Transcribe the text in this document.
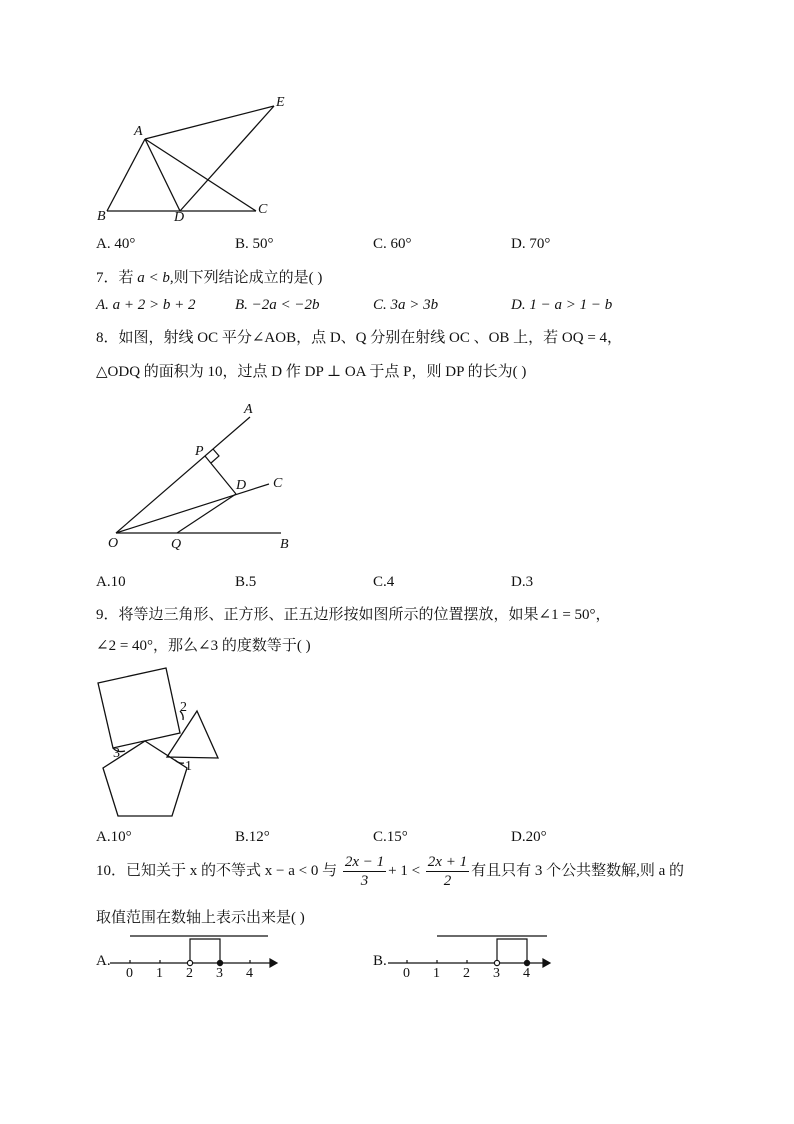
A
E
B	D
C
A. 40°	B. 50°	C. 60°	D. 70°
7．若 a < b,则下列结论成立的是( )
A. a + 2 > b + 2	B. −2a < −2b	C. 3a > 3b	D. 1 − a > 1 − b
8．如图，射线 OC 平分∠AOB，点 D、Q 分别在射线 OC 、OB 上，若 OQ = 4，
△ODQ 的面积为 10，过点 D 作 DP ⊥ OA 于点 P，则 DP 的长为( )
A
P
D C
O	Q	B
A.10	B.5	C.4	D.3
9．将等边三角形、正方形、正五边形按如图所示的位置摆放，如果∠1 = 50°，
∠2 = 40°，那么∠3 的度数等于( )
2
3
1
A.10°	B.12°	C.15°	D.20°
10．已知关于 x 的不等式 x − a < 0 与 $\frac{2x - 1}{3} + 1 < \frac{2x + 1}{2}$ 有且只有 3 个公共整数解,则 a 的
取值范围在数轴上表示出来是( )
A.
0 1 2 3 4
B.
0 1 2 3 4
